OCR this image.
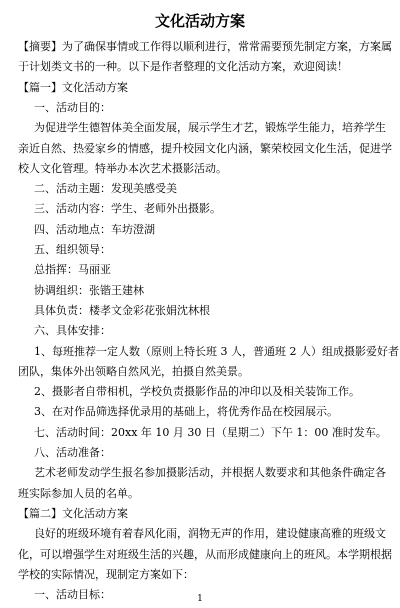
文化活动方案
【摘要】为了确保事情或工作得以顺利进行，常常需要预先制定方案，方案属
于计划类文书的一种。以下是作者整理的文化活动方案，欢迎阅读！
【篇一】文化活动方案
一、活动目的：
为促进学生德智体美全面发展，展示学生才艺，锻炼学生能力，培养学生
亲近自然、热爱家乡的情感，提升校园文化内涵，繁荣校园文化生活，促进学
校人文化管理。特举办本次艺术摄影活动。
二、活动主题：发现美感受美
三、活动内容：学生、老师外出摄影。
四、活动地点：车坊澄湖
五、组织领导：
总指挥：马丽亚
协调组织：张锴王建林
具体负责：楼孝文金彩花张娟沈林根
六、具体安排：
1、每班推荐一定人数（原则上特长班 3 人，普通班 2 人）组成摄影爱好者
团队，集体外出领略自然风光，拍摄自然美景。
2、摄影者自带相机，学校负责摄影作品的冲印以及相关装饰工作。
3、在对作品筛选择优录用的基础上，将优秀作品在校园展示。
七、活动时间：20xx 年 10 月 30 日（星期二）下午 1：00 准时发车。
八、活动准备：
艺术老师发动学生报名参加摄影活动，并根据人数要求和其他条件确定各
班实际参加人员的名单。
【篇二】文化活动方案
良好的班级环境有着春风化雨，润物无声的作用，建设健康高雅的班级文
化，可以增强学生对班级生活的兴趣，从而形成健康向上的班风。本学期根据
学校的实际情况，现制定方案如下：
一、活动目标：	1
